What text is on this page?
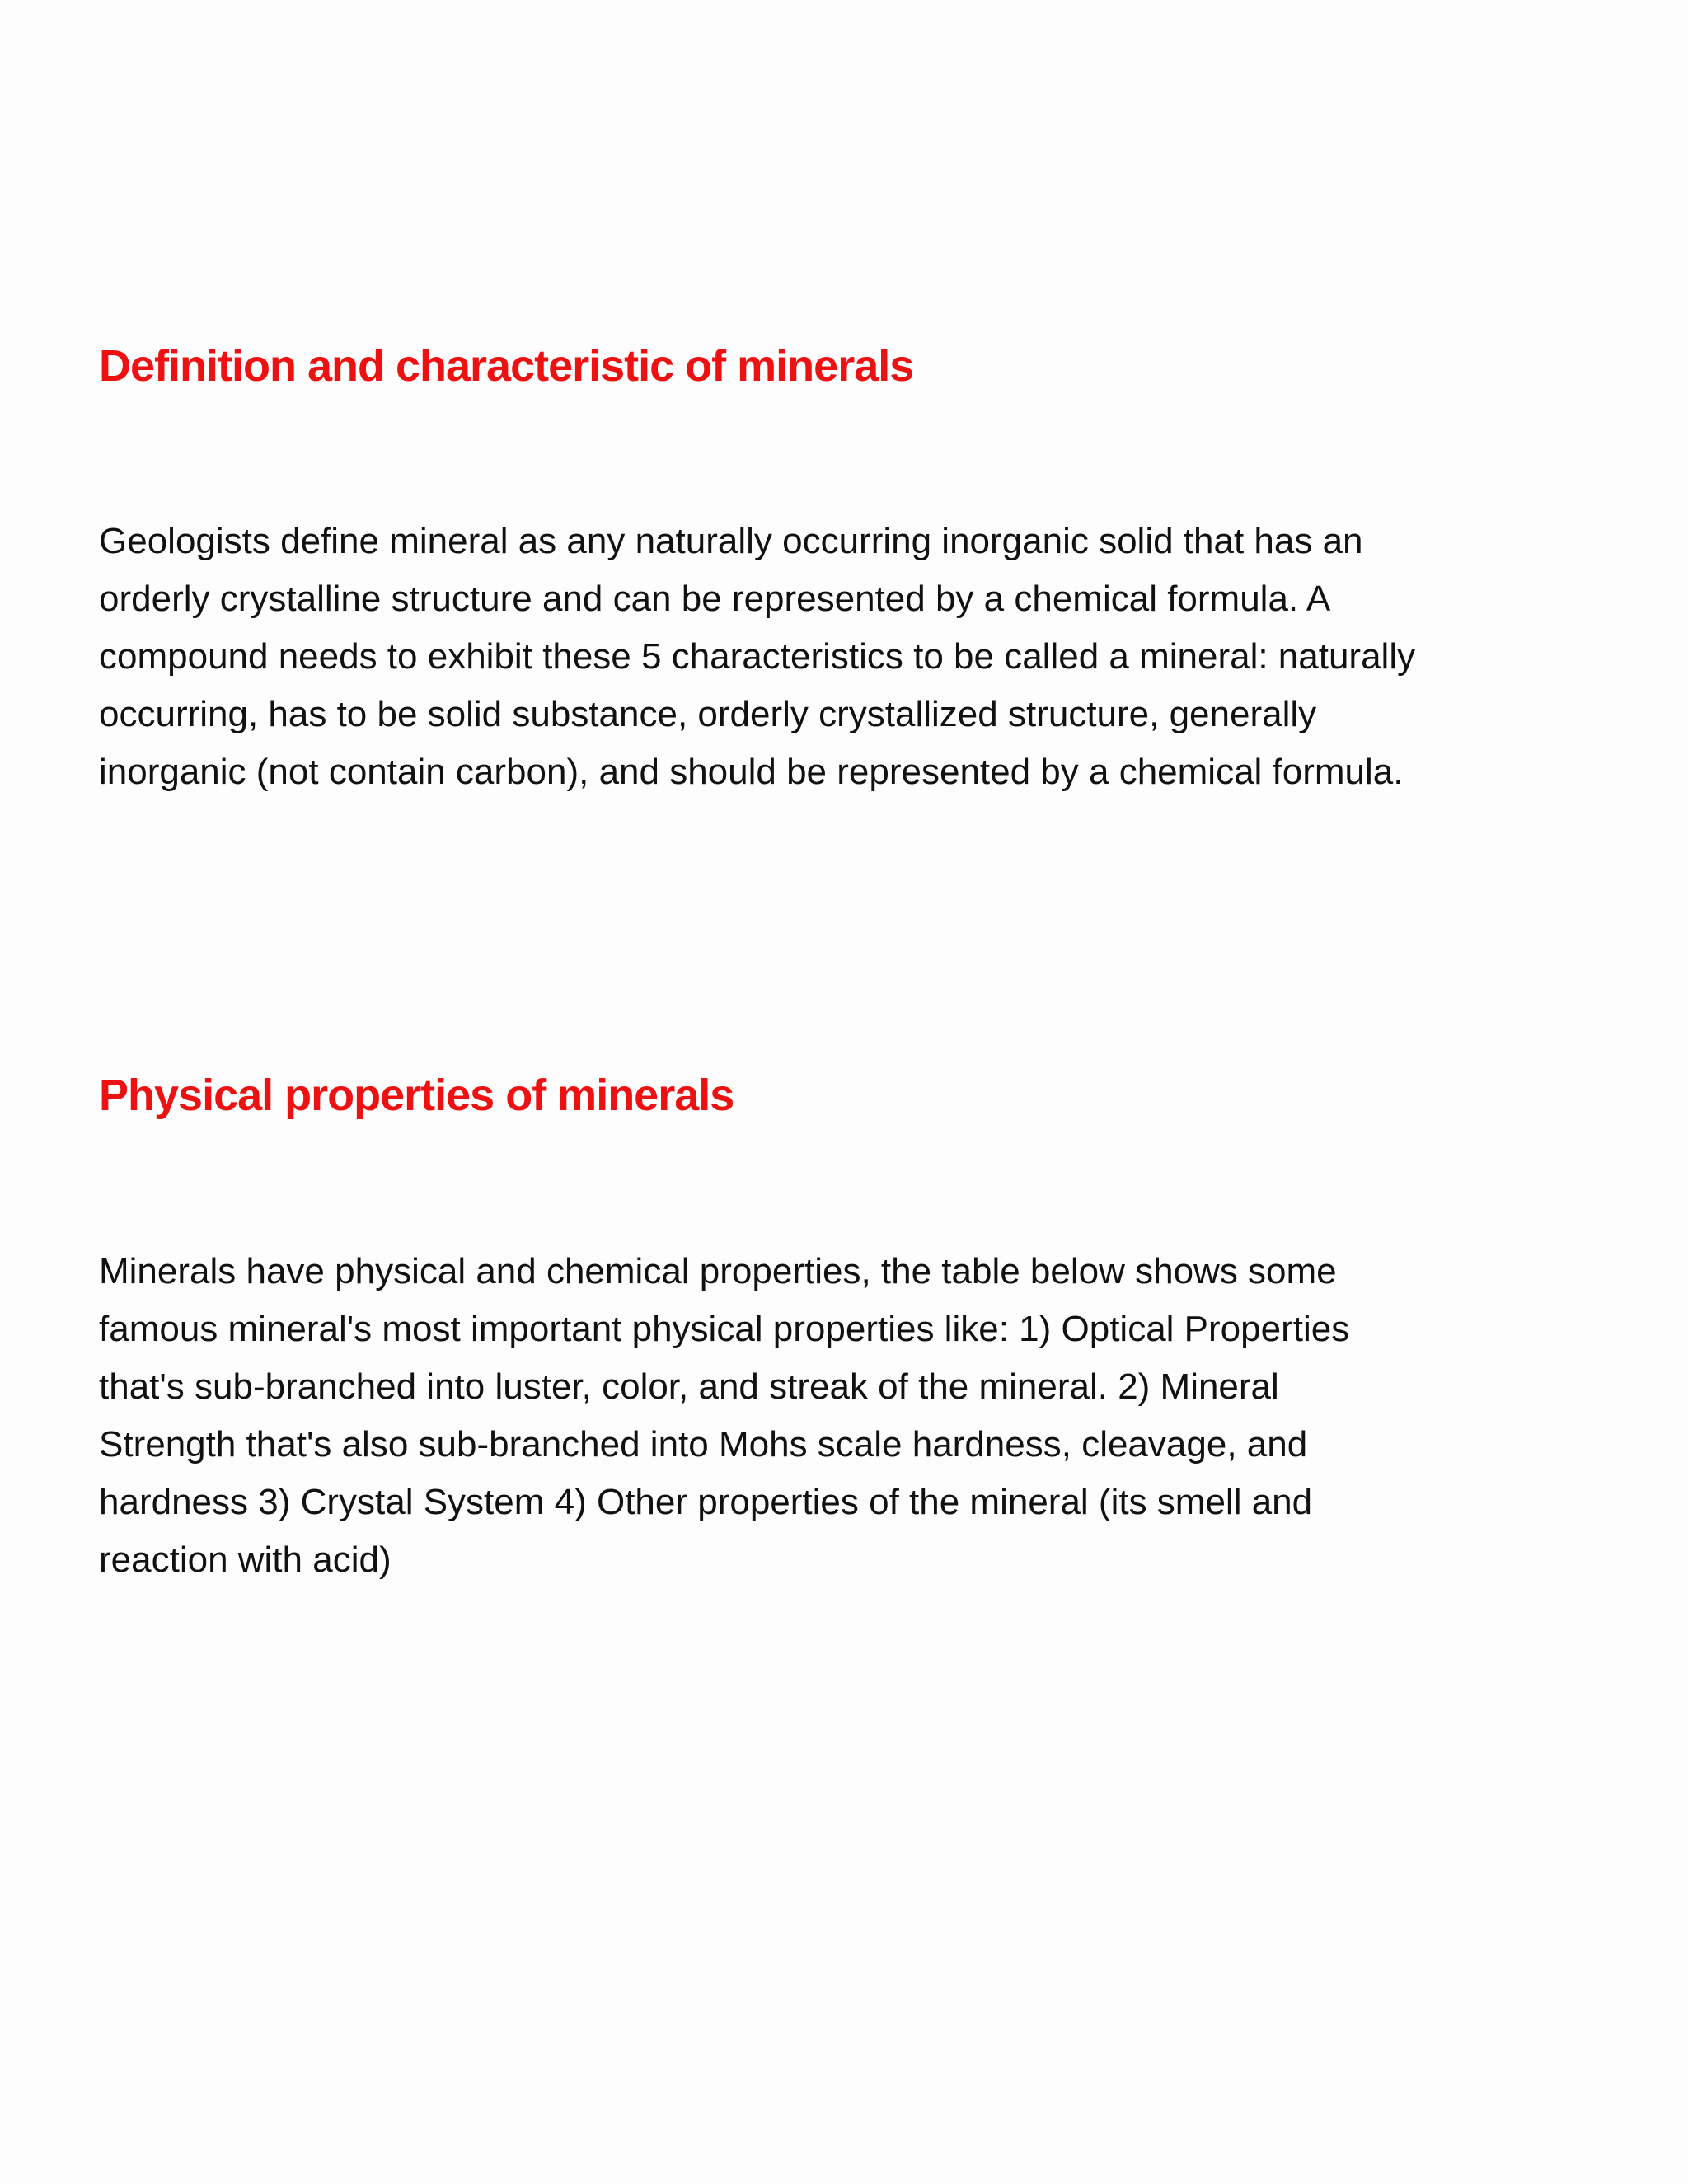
Definition and characteristic of minerals

Geologists define mineral as any naturally occurring inorganic solid that has an
orderly crystalline structure and can be represented by a chemical formula. A
compound needs to exhibit these 5 characteristics to be called a mineral: naturally
occurring, has to be solid substance, orderly crystallized structure, generally
inorganic (not contain carbon), and should be represented by a chemical formula.

Physical properties of minerals

Minerals have physical and chemical properties, the table below shows some
famous mineral's most important physical properties like: 1) Optical Properties
that's sub-branched into luster, color, and streak of the mineral. 2) Mineral
Strength that's also sub-branched into Mohs scale hardness, cleavage, and
hardness 3) Crystal System 4) Other properties of the mineral (its smell and
reaction with acid)
